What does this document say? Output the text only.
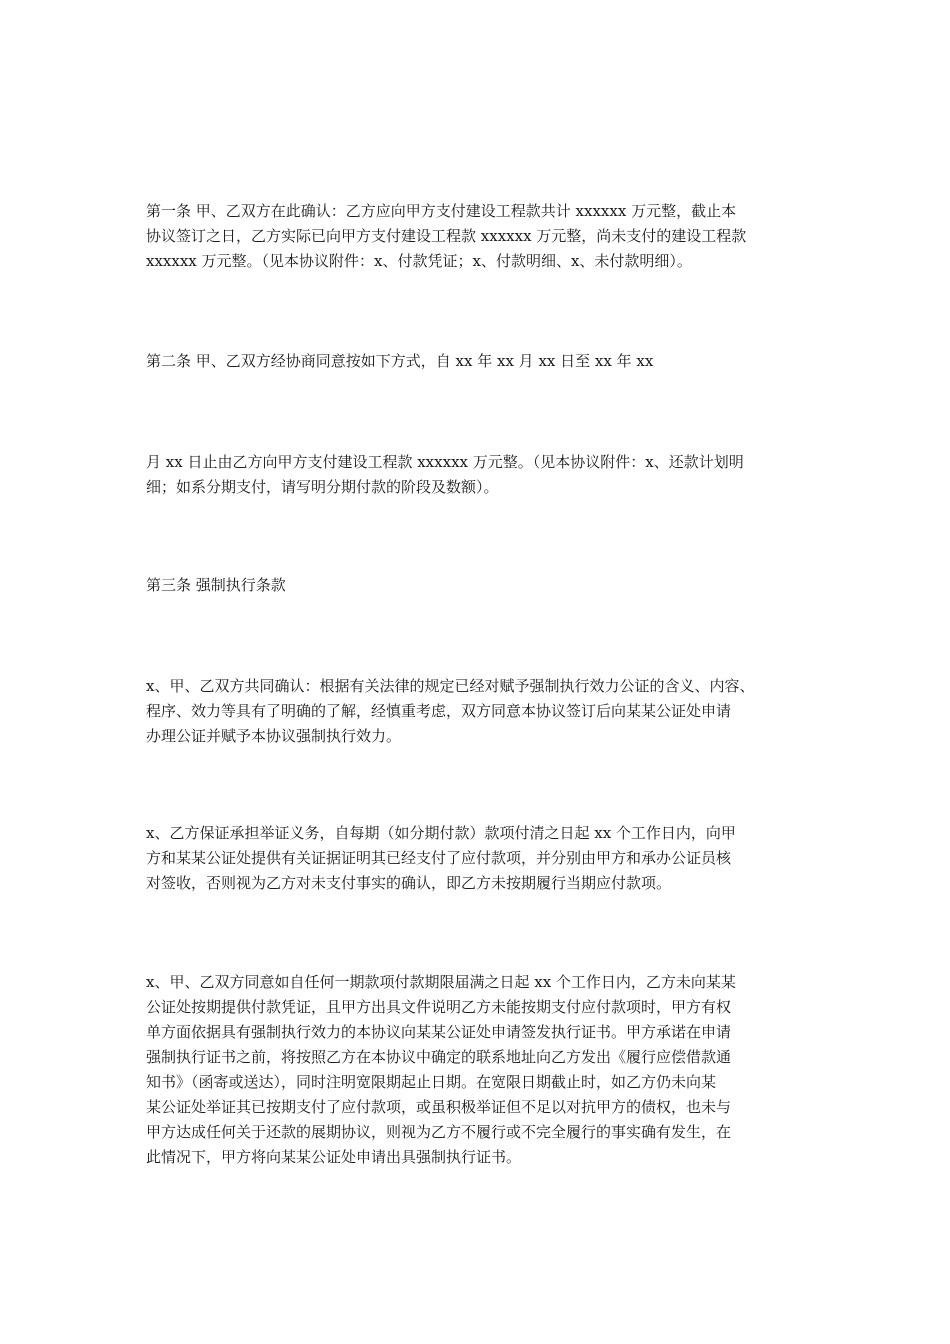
第一条 甲、乙双方在此确认：乙方应向甲方支付建设工程款共计 xxxxxx 万元整，截止本
协议签订之日，乙方实际已向甲方支付建设工程款 xxxxxx 万元整，尚未支付的建设工程款
xxxxxx 万元整。（见本协议附件：x、付款凭证；x、付款明细、x、未付款明细）。
第二条 甲、乙双方经协商同意按如下方式，自 xx 年 xx 月 xx 日至 xx 年 xx
月 xx 日止由乙方向甲方支付建设工程款 xxxxxx 万元整。（见本协议附件：x、还款计划明
细；如系分期支付，请写明分期付款的阶段及数额）。
第三条 强制执行条款
x、甲、乙双方共同确认：根据有关法律的规定已经对赋予强制执行效力公证的含义、内容、
程序、效力等具有了明确的了解，经慎重考虑，双方同意本协议签订后向某某公证处申请
办理公证并赋予本协议强制执行效力。
x、乙方保证承担举证义务，自每期（如分期付款）款项付清之日起 xx 个工作日内，向甲
方和某某公证处提供有关证据证明其已经支付了应付款项，并分别由甲方和承办公证员核
对签收，否则视为乙方对未支付事实的确认，即乙方未按期履行当期应付款项。
x、甲、乙双方同意如自任何一期款项付款期限届满之日起 xx 个工作日内，乙方未向某某
公证处按期提供付款凭证，且甲方出具文件说明乙方未能按期支付应付款项时，甲方有权
单方面依据具有强制执行效力的本协议向某某公证处申请签发执行证书。甲方承诺在申请
强制执行证书之前，将按照乙方在本协议中确定的联系地址向乙方发出《履行应偿借款通
知书》（函寄或送达），同时注明宽限期起止日期。在宽限日期截止时，如乙方仍未向某
某公证处举证其已按期支付了应付款项，或虽积极举证但不足以对抗甲方的债权，也未与
甲方达成任何关于还款的展期协议，则视为乙方不履行或不完全履行的事实确有发生，在
此情况下，甲方将向某某公证处申请出具强制执行证书。
